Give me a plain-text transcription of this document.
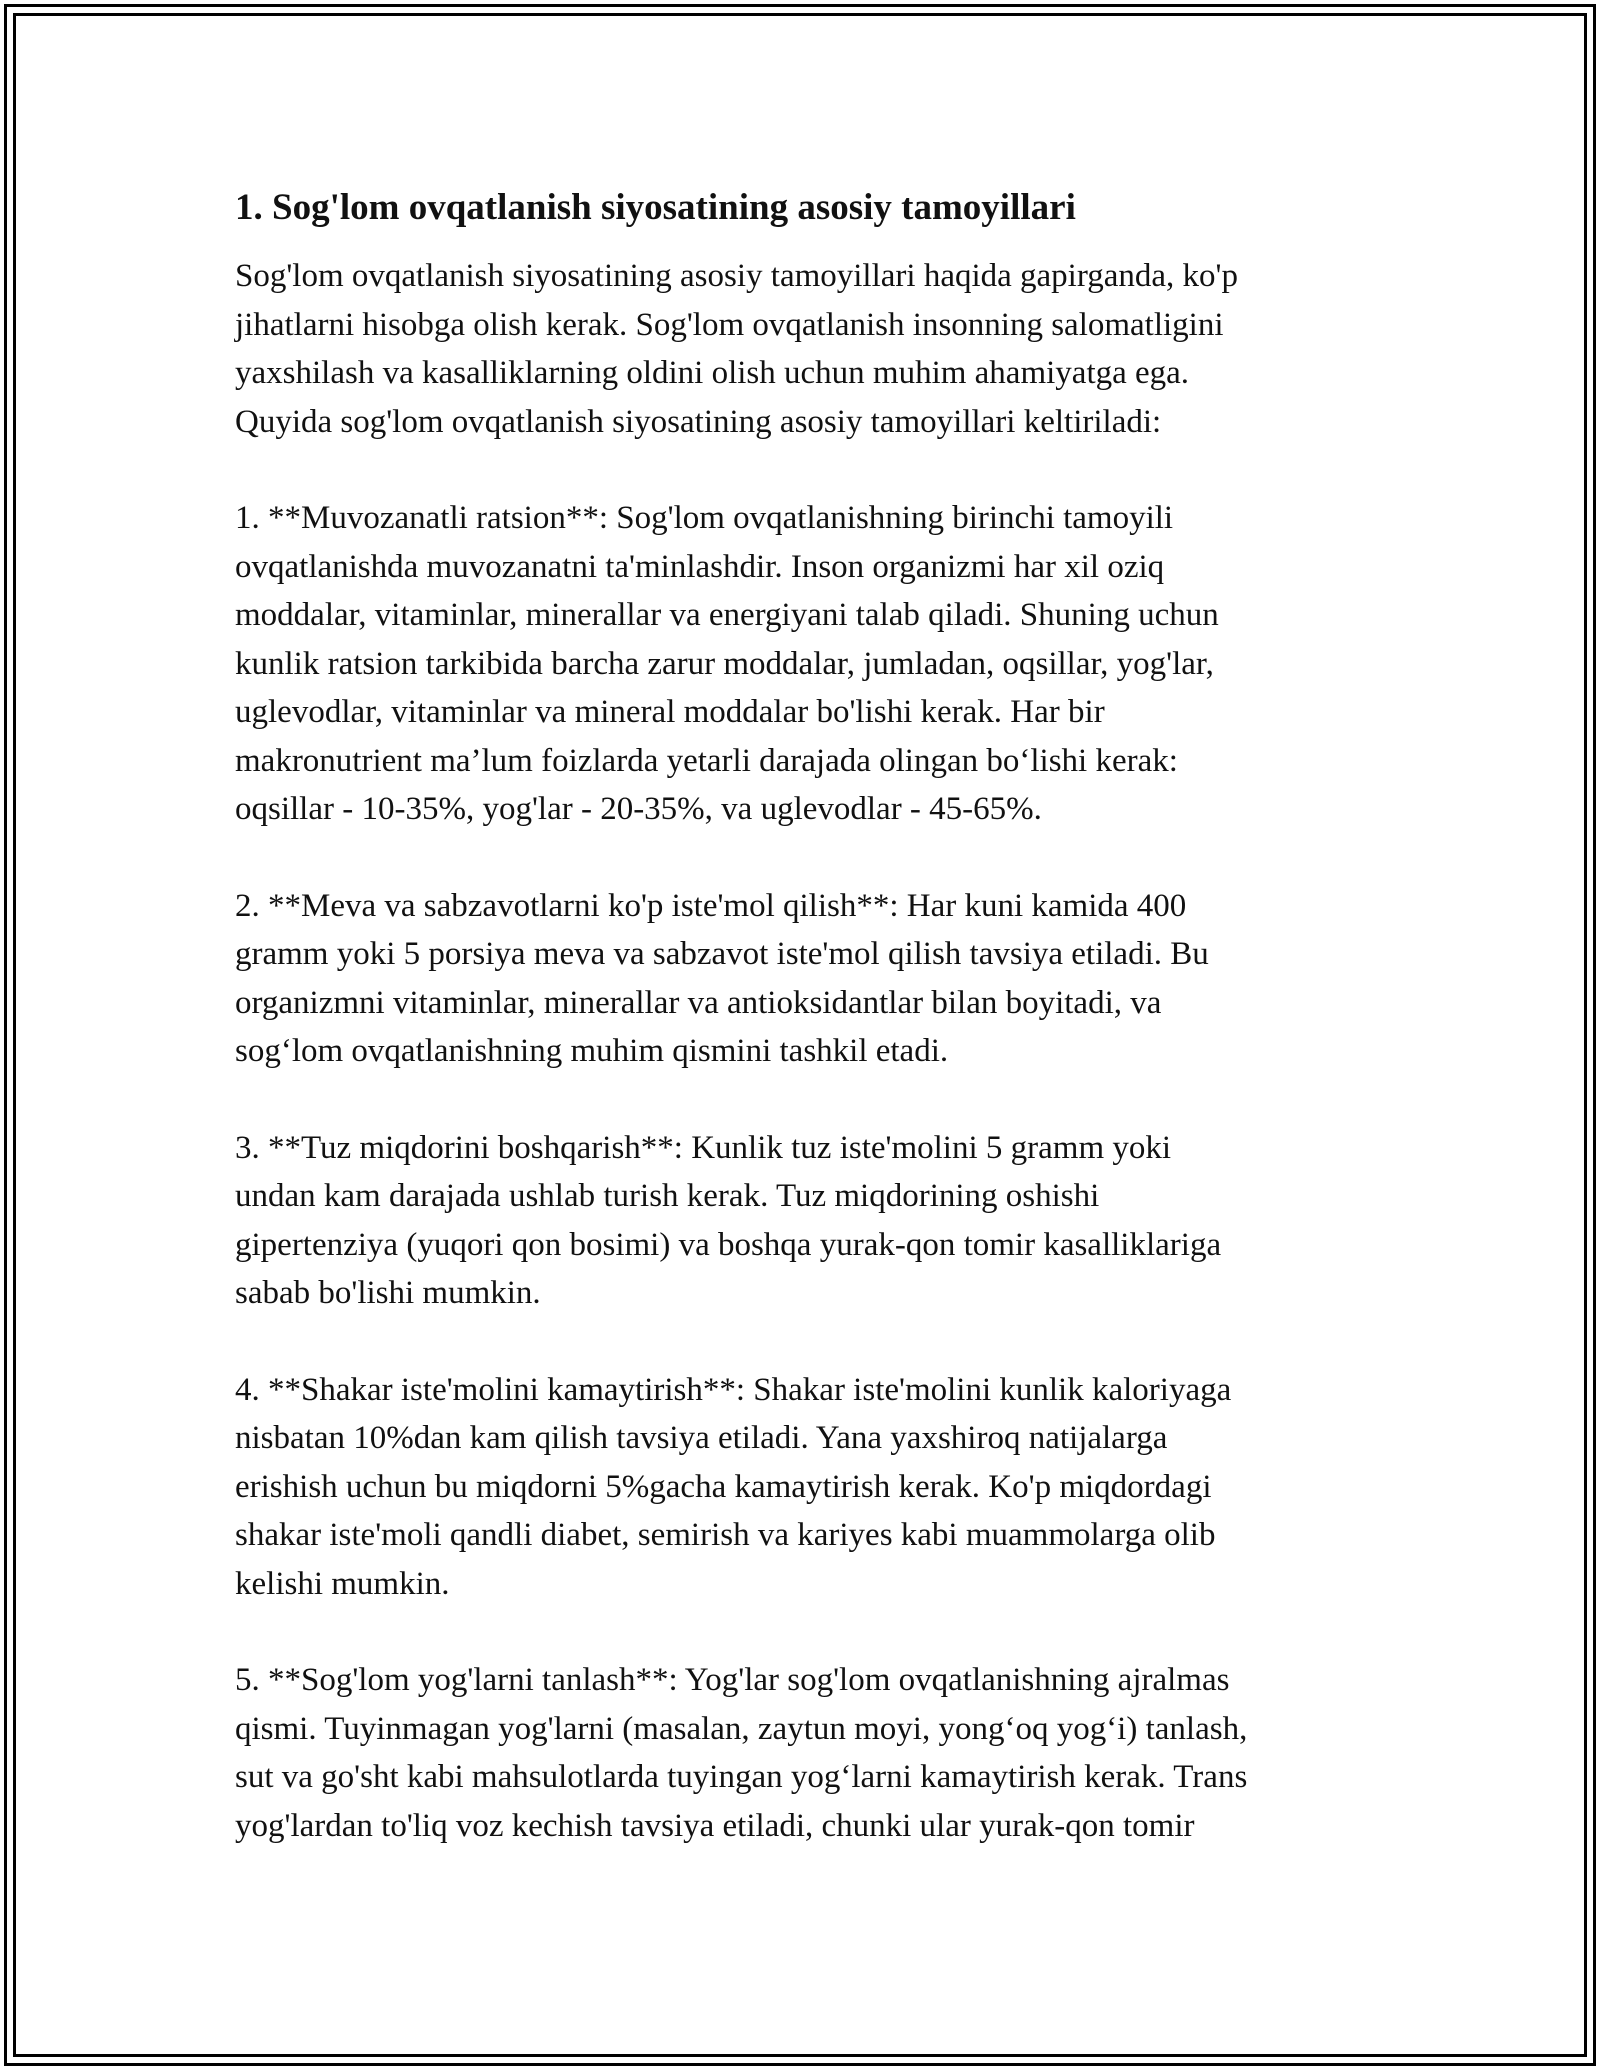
1. Sog'lom ovqatlanish siyosatining asosiy tamoyillari
Sog'lom ovqatlanish siyosatining asosiy tamoyillari haqida gapirganda, ko'p
jihatlarni hisobga olish kerak. Sog'lom ovqatlanish insonning salomatligini
yaxshilash va kasalliklarning oldini olish uchun muhim ahamiyatga ega.
Quyida sog'lom ovqatlanish siyosatining asosiy tamoyillari keltiriladi:
1. **Muvozanatli ratsion**: Sog'lom ovqatlanishning birinchi tamoyili
ovqatlanishda muvozanatni ta'minlashdir. Inson organizmi har xil oziq
moddalar, vitaminlar, minerallar va energiyani talab qiladi. Shuning uchun
kunlik ratsion tarkibida barcha zarur moddalar, jumladan, oqsillar, yog'lar,
uglevodlar, vitaminlar va mineral moddalar bo'lishi kerak. Har bir
makronutrient ma’lum foizlarda yetarli darajada olingan bo‘lishi kerak:
oqsillar - 10-35%, yog'lar - 20-35%, va uglevodlar - 45-65%.
2. **Meva va sabzavotlarni ko'p iste'mol qilish**: Har kuni kamida 400
gramm yoki 5 porsiya meva va sabzavot iste'mol qilish tavsiya etiladi. Bu
organizmni vitaminlar, minerallar va antioksidantlar bilan boyitadi, va
sog‘lom ovqatlanishning muhim qismini tashkil etadi.
3. **Tuz miqdorini boshqarish**: Kunlik tuz iste'molini 5 gramm yoki
undan kam darajada ushlab turish kerak. Tuz miqdorining oshishi
gipertenziya (yuqori qon bosimi) va boshqa yurak-qon tomir kasalliklariga
sabab bo'lishi mumkin.
4. **Shakar iste'molini kamaytirish**: Shakar iste'molini kunlik kaloriyaga
nisbatan 10%dan kam qilish tavsiya etiladi. Yana yaxshiroq natijalarga
erishish uchun bu miqdorni 5%gacha kamaytirish kerak. Ko'p miqdordagi
shakar iste'moli qandli diabet, semirish va kariyes kabi muammolarga olib
kelishi mumkin.
5. **Sog'lom yog'larni tanlash**: Yog'lar sog'lom ovqatlanishning ajralmas
qismi. Tuyinmagan yog'larni (masalan, zaytun moyi, yong‘oq yog‘i) tanlash,
sut va go'sht kabi mahsulotlarda tuyingan yog‘larni kamaytirish kerak. Trans
yog'lardan to'liq voz kechish tavsiya etiladi, chunki ular yurak-qon tomir
